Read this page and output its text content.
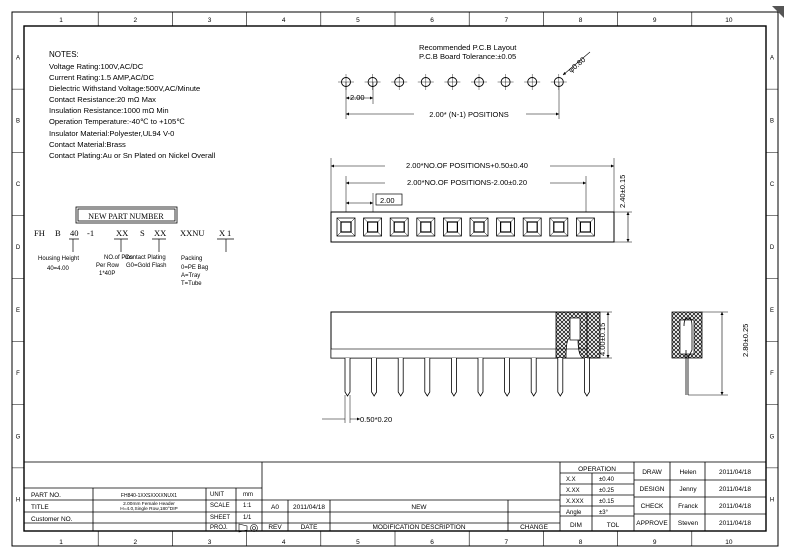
1
1
2
2
3
3
4
4
5
5
6
6
7
7
8
8
9
9
10
10
A	A
B	B
C	C
D	D
E	E
F	F
G	G
H	H
NOTES:
Voltage Rating:100V,AC/DC
Current Rating:1.5 AMP,AC/DC
Dielectric Withstand Voltage:500V,AC/Minute
Contact Resistance:20 mΩ Max
Insulation Resistance:1000 mΩ Min
Operation Temperature:-40℃ to +105℃
Insulator Material:Polyester,UL94 V-0
Contact Material:Brass
Contact Plating:Au or Sn Plated on Nickel Overall
NEW PART NUMBER
FH B 40 -1	XX S XX XXNU X 1
Housing Height
40=4.00
NO.of Pins
Per Row
1*40P
Contact Plating
G0=Gold Flash
Packing
0=PE Bag
A=Tray
T=Tube
Recommended P.C.B Layout
P.C.B Board Tolerance:±0.05	φ0.80
2.00
2.00* (N-1) POSITIONS
2.00*NO.OF POSITIONS+0.50±0.40
2.00*NO.OF POSITIONS-2.00±0.20
2.00	2.40±0.15
4.00±0.15
0.50*0.20
2.80±0.25
PART NO.	FH840-1XXSXXXXNUX1
TITLE	2.00mm Female Header
H=4.0,Single Row,180°DIP
Customer NO.
UNIT	mm
SCALE 1:1
SHEET 1/1
PROJ.
A0 2011/04/18	NEW
REV	DATE	MODIFICATION DESCRIPTION	CHANGE
OPERATION
X.X	±0.40
X.XX	±0.25
X.XXX	±0.15
Angle	±3°
DIM	TOL
DRAW	Helen	2011/04/18
DESIGN Jenny	2011/04/18
CHECK Franck	2011/04/18
APPROVE Steven	2011/04/18
